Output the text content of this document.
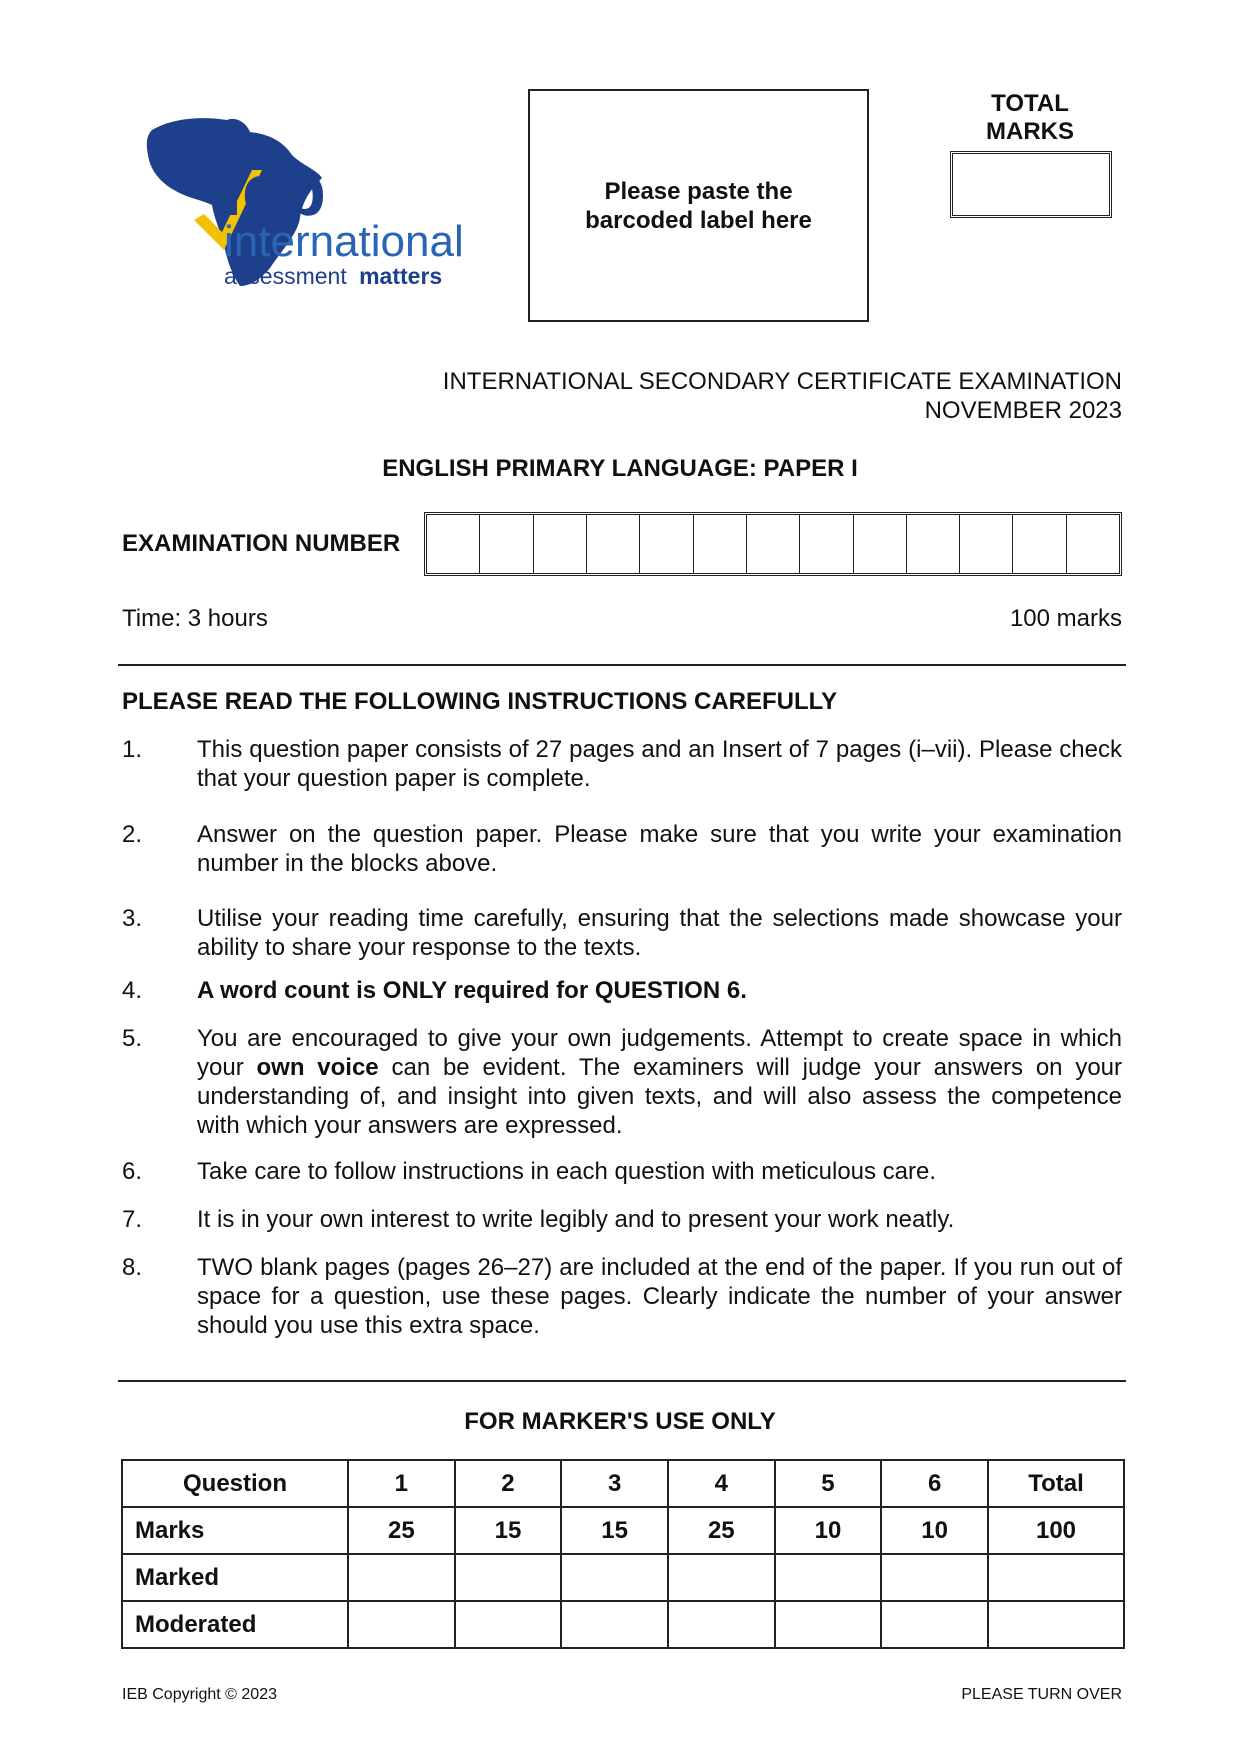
ieb
international
assessment matters
Please paste the
barcoded label here
TOTAL
MARKS
INTERNATIONAL SECONDARY CERTIFICATE EXAMINATION
NOVEMBER 2023
ENGLISH PRIMARY LANGUAGE: PAPER I
EXAMINATION NUMBER
Time: 3 hours	100 marks
PLEASE READ THE FOLLOWING INSTRUCTIONS CAREFULLY
1.	This question paper consists of 27 pages and an Insert of 7 pages (i–vii). Please check that your question paper is complete.
2.	Answer on the question paper. Please make sure that you write your examination number in the blocks above.
3.	Utilise your reading time carefully, ensuring that the selections made showcase your ability to share your response to the texts.
4.	A word count is ONLY required for QUESTION 6.
5.	You are encouraged to give your own judgements. Attempt to create space in which your own voice can be evident. The examiners will judge your answers on your understanding of, and insight into given texts, and will also assess the competence with which your answers are expressed.
6.	Take care to follow instructions in each question with meticulous care.
7.	It is in your own interest to write legibly and to present your work neatly.
8.	TWO blank pages (pages 26–27) are included at the end of the paper. If you run out of space for a question, use these pages. Clearly indicate the number of your answer should you use this extra space.
FOR MARKER'S USE ONLY
Question	1	2	3	4	5	6	Total
Marks	25	15	15	25	10	10	100
Marked							
Moderated							
IEB Copyright © 2023	PLEASE TURN OVER
